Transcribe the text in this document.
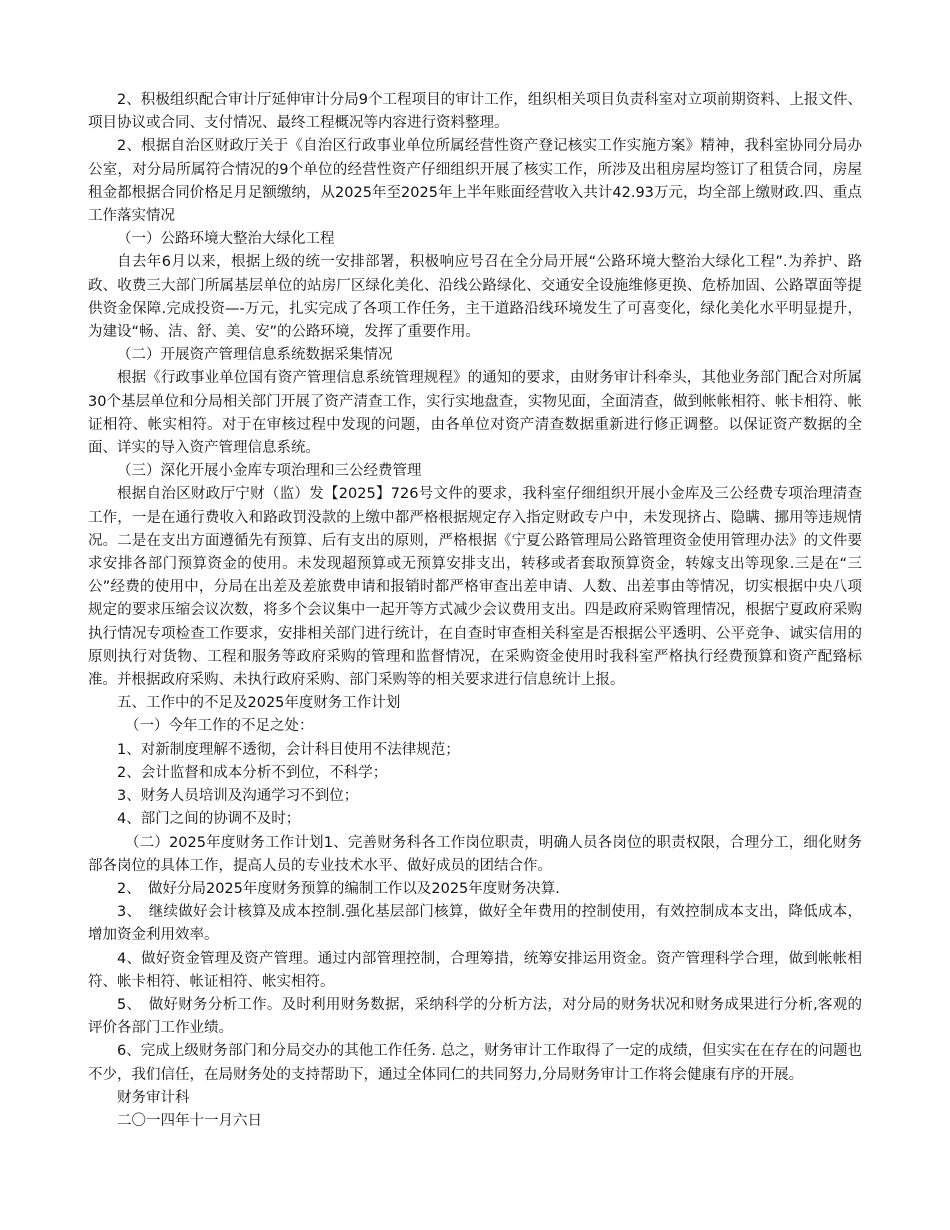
2、积极组织配合审计厅延伸审计分局9个工程项目的审计工作，组织相关项目负责科室对立项前期资料、上报文件、项目协议或合同、支付情况、最终工程概况等内容进行资料整理。

2、根据自治区财政厅关于《自治区行政事业单位所属经营性资产登记核实工作实施方案》精神，我科室协同分局办公室，对分局所属符合情况的9个单位的经营性资产仔细组织开展了核实工作，所涉及出租房屋均签订了租赁合同，房屋租金都根据合同价格足月足额缴纳，从2025年至2025年上半年账面经营收入共计42.93万元，均全部上缴财政.四、重点工作落实情况

（一）公路环境大整治大绿化工程

自去年6月以来，根据上级的统一安排部署，积极响应号召在全分局开展“公路环境大整治大绿化工程”.为养护、路政、收费三大部门所属基层单位的站房厂区绿化美化、沿线公路绿化、交通安全设施维修更换、危桥加固、公路罩面等提供资金保障.完成投资—-万元，扎实完成了各项工作任务，主干道路沿线环境发生了可喜变化，绿化美化水平明显提升，为建设“畅、洁、舒、美、安”的公路环境，发挥了重要作用。

（二）开展资产管理信息系统数据采集情况

根据《行政事业单位国有资产管理信息系统管理规程》的通知的要求，由财务审计科牵头，其他业务部门配合对所属30个基层单位和分局相关部门开展了资产清查工作，实行实地盘查，实物见面，全面清查，做到帐帐相符、帐卡相符、帐证相符、帐实相符。对于在审核过程中发现的问题，由各单位对资产清查数据重新进行修正调整。以保证资产数据的全面、详实的导入资产管理信息系统。

（三）深化开展小金库专项治理和三公经费管理

根据自治区财政厅宁财（监）发【2025】726号文件的要求，我科室仔细组织开展小金库及三公经费专项治理清查工作，一是在通行费收入和路政罚没款的上缴中都严格根据规定存入指定财政专户中，未发现挤占、隐瞒、挪用等违规情况。二是在支出方面遵循先有预算、后有支出的原则，严格根据《宁夏公路管理局公路管理资金使用管理办法》的文件要求安排各部门预算资金的使用。未发现超预算或无预算安排支出，转移或者套取预算资金，转嫁支出等现象.三是在“三公”经费的使用中，分局在出差及差旅费申请和报销时都严格审查出差申请、人数、出差事由等情况，切实根据中央八项规定的要求压缩会议次数，将多个会议集中一起开等方式减少会议费用支出。四是政府采购管理情况，根据宁夏政府采购执行情况专项检查工作要求，安排相关部门进行统计，在自查时审查相关科室是否根据公平透明、公平竞争、诚实信用的原则执行对货物、工程和服务等政府采购的管理和监督情况，在采购资金使用时我科室严格执行经费预算和资产配臵标准。并根据政府采购、未执行政府采购、部门采购等的相关要求进行信息统计上报。

五、工作中的不足及2025年度财务工作计划

（一）今年工作的不足之处：

1、对新制度理解不透彻，会计科目使用不法律规范；

2、会计监督和成本分析不到位，不科学；

3、财务人员培训及沟通学习不到位；

4、部门之间的协调不及时；

（二）2025年度财务工作计划1、完善财务科各工作岗位职责，明确人员各岗位的职责权限，合理分工，细化财务部各岗位的具体工作，提高人员的专业技术水平、做好成员的团结合作。

2、　做好分局2025年度财务预算的编制工作以及2025年度财务决算.

3、　继续做好会计核算及成本控制.强化基层部门核算，做好全年费用的控制使用，有效控制成本支出，降低成本，增加资金利用效率。

4、做好资金管理及资产管理。通过内部管理控制，合理筹措，统筹安排运用资金。资产管理科学合理，做到帐帐相符、帐卡相符、帐证相符、帐实相符。

5、　做好财务分析工作。及时利用财务数据，采纳科学的分析方法，对分局的财务状况和财务成果进行分析,客观的评价各部门工作业绩。

6、完成上级财务部门和分局交办的其他工作任务. 总之，财务审计工作取得了一定的成绩，但实实在在存在的问题也不少，我们信任，在局财务处的支持帮助下，通过全体同仁的共同努力,分局财务审计工作将会健康有序的开展。

财务审计科

二〇一四年十一月六日
